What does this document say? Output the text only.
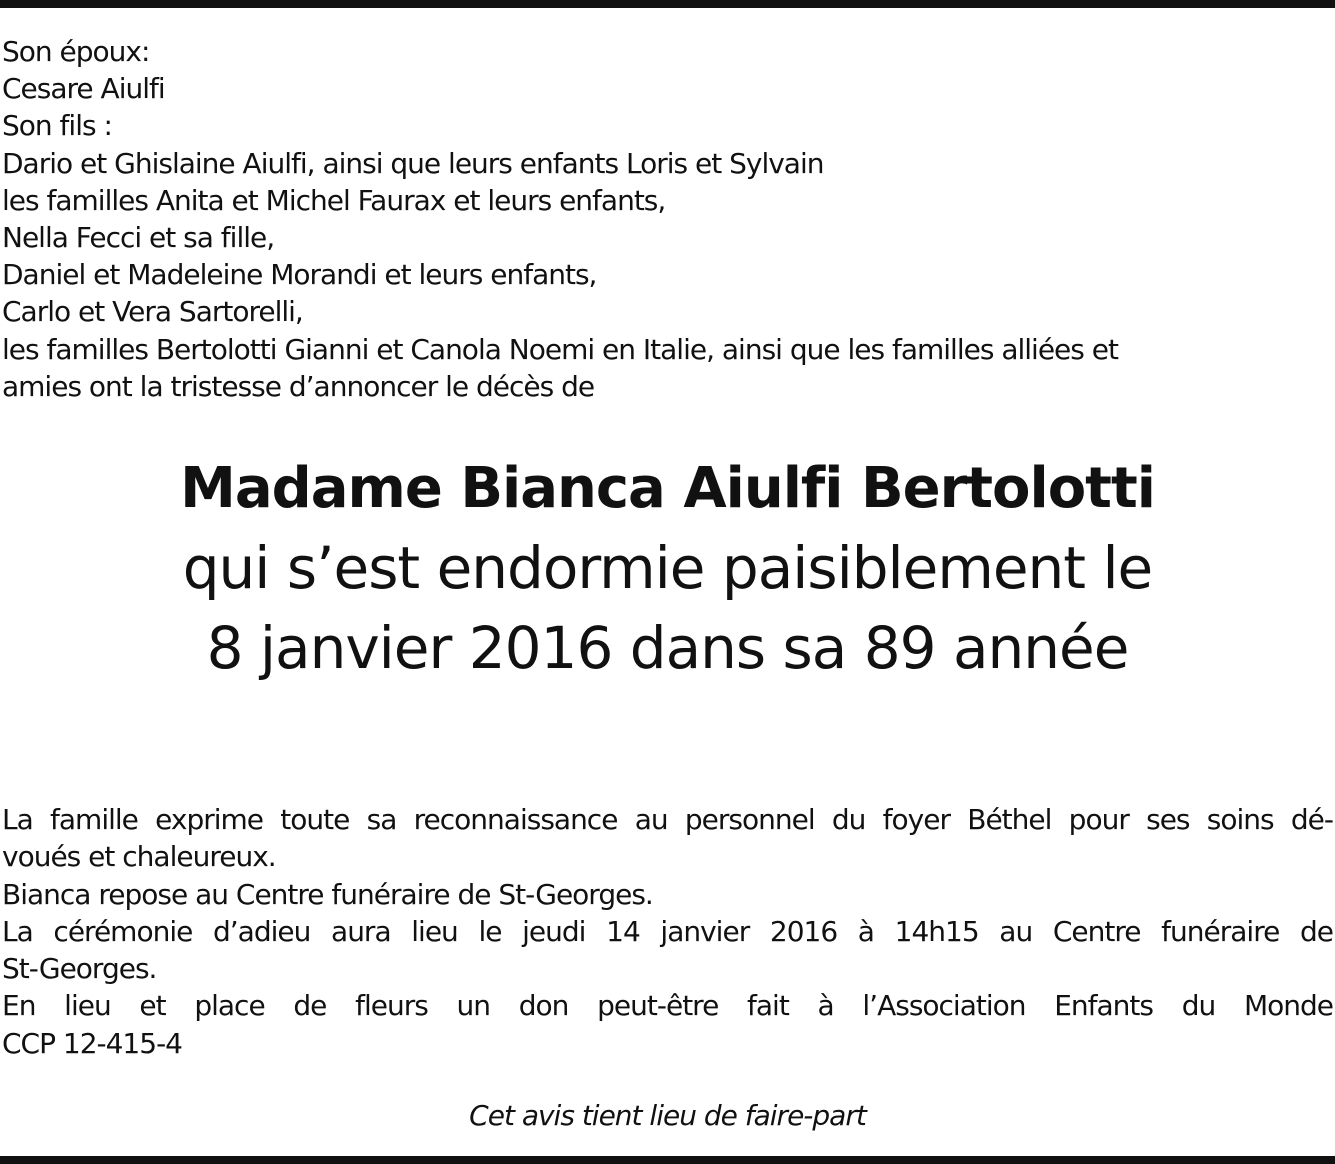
Son époux:
Cesare Aiulfi
Son fils :
Dario et Ghislaine Aiulfi, ainsi que leurs enfants Loris et Sylvain
les familles Anita et Michel Faurax et leurs enfants,
Nella Fecci et sa fille,
Daniel et Madeleine Morandi et leurs enfants,
Carlo et Vera Sartorelli,
les familles Bertolotti Gianni et Canola Noemi en Italie, ainsi que les familles alliées et
amies ont la tristesse d’annoncer le décès de
Madame Bianca Aiulfi Bertolotti
qui s’est endormie paisiblement le
8 janvier 2016 dans sa 89 année
La famille exprime toute sa reconnaissance au personnel du foyer Béthel pour ses soins dé-
voués et chaleureux.
Bianca repose au Centre funéraire de St-Georges.
La cérémonie d’adieu aura lieu le jeudi 14 janvier 2016 à 14h15 au Centre funéraire de
St-Georges.
En lieu et place de fleurs un don peut-être fait à l’Association Enfants du Monde
CCP 12-415-4
Cet avis tient lieu de faire-part
